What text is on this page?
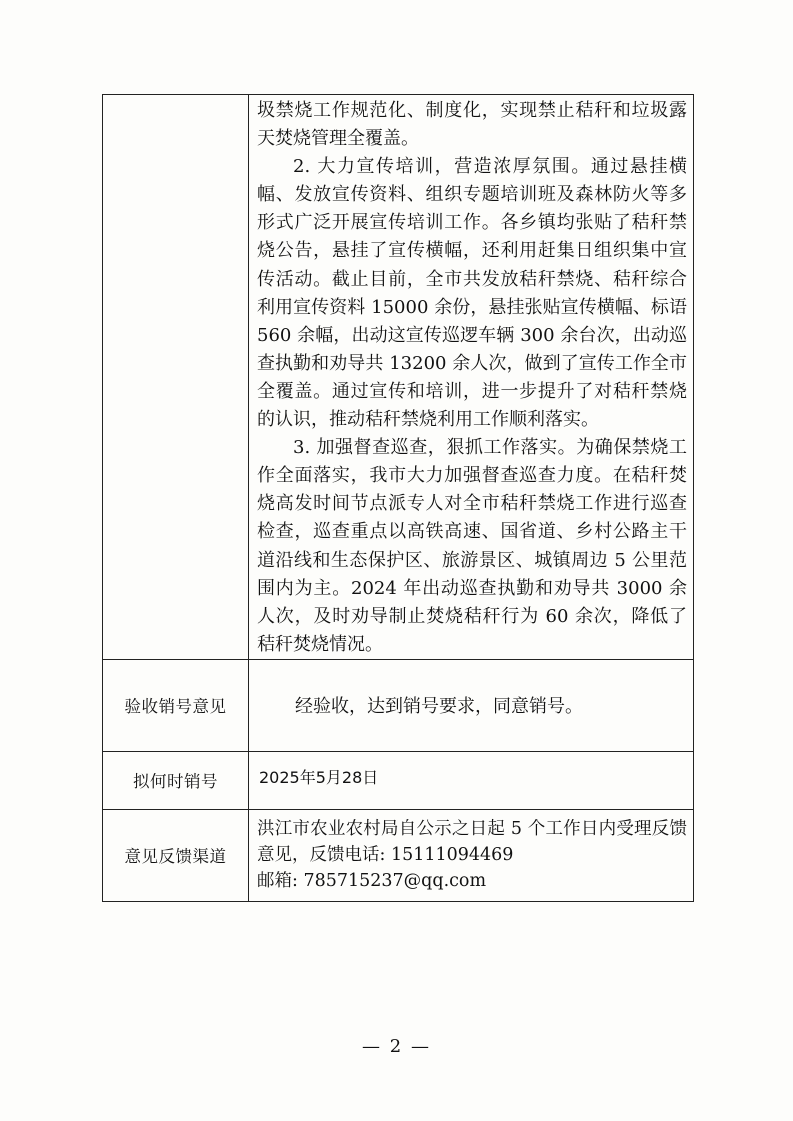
	圾禁烧工作规范化、制度化，实现禁止秸秆和垃圾露天焚烧管理全覆盖。

2. 大力宣传培训，营造浓厚氛围。通过悬挂横幅、发放宣传资料、组织专题培训班及森林防火等多形式广泛开展宣传培训工作。各乡镇均张贴了秸秆禁烧公告，悬挂了宣传横幅，还利用赶集日组织集中宣传活动。截止目前，全市共发放秸秆禁烧、秸秆综合利用宣传资料 15000 余份，悬挂张贴宣传横幅、标语 560 余幅，出动这宣传巡逻车辆 300 余台次，出动巡查执勤和劝导共 13200 余人次，做到了宣传工作全市全覆盖。通过宣传和培训，进一步提升了对秸秆禁烧的认识，推动秸秆禁烧利用工作顺利落实。

3. 加强督查巡查，狠抓工作落实。为确保禁烧工作全面落实，我市大力加强督查巡查力度。在秸秆焚烧高发时间节点派专人对全市秸秆禁烧工作进行巡查检查，巡查重点以高铁高速、国省道、乡村公路主干道沿线和生态保护区、旅游景区、城镇周边 5 公里范围内为主。2024 年出动巡查执勤和劝导共 3000 余人次，及时劝导制止焚烧秸秆行为 60 余次，降低了秸秆焚烧情况。

验收销号意见	经验收，达到销号要求，同意销号。
拟何时销号	2025年5月28日
意见反馈渠道	洪江市农业农村局自公示之日起 5 个工作日内受理反馈意见，反馈电话: 15111094469

邮箱: 785715237@qq.com

— 2 —
